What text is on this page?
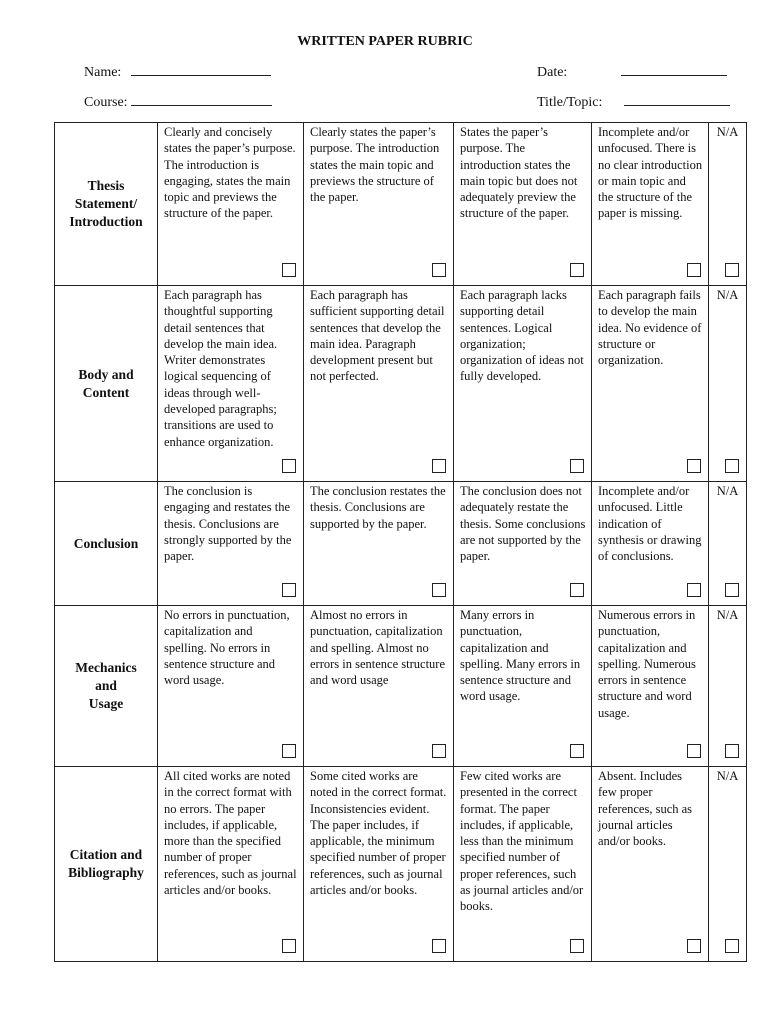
WRITTEN PAPER RUBRIC
Name:	Date:
Course:	Title/Topic:
Thesis
Statement/
Introduction	Clearly and concisely states the paper’s purpose. The introduction is engaging, states the main topic and previews the structure of the paper.	Clearly states the paper’s purpose. The introduction states the main topic and previews the structure of the paper.	States the paper’s purpose. The introduction states the main topic but does not adequately preview the structure of the paper.	Incomplete and/or unfocused. There is no clear introduction or main topic and the structure of the paper is missing.	N/A

Body and
Content	Each paragraph has thoughtful supporting detail sentences that develop the main idea. Writer demonstrates logical sequencing of ideas through well-developed paragraphs; transitions are used to enhance organization.	Each paragraph has sufficient supporting detail sentences that develop the main idea. Paragraph development present but not perfected.	Each paragraph lacks supporting detail sentences. Logical organization; organization of ideas not fully developed.	Each paragraph fails to develop the main idea. No evidence of structure or organization.	N/A

Conclusion	The conclusion is engaging and restates the thesis. Conclusions are strongly supported by the paper.	The conclusion restates the thesis. Conclusions are supported by the paper.	The conclusion does not adequately restate the thesis. Some conclusions are not supported by the paper.	Incomplete and/or unfocused. Little indication of synthesis or drawing of conclusions.	N/A

Mechanics
and
Usage	No errors in punctuation, capitalization and spelling. No errors in sentence structure and word usage.	Almost no errors in punctuation, capitalization and spelling. Almost no errors in sentence structure and word usage	Many errors in punctuation, capitalization and spelling. Many errors in sentence structure and word usage.	Numerous errors in punctuation, capitalization and spelling. Numerous errors in sentence structure and word usage.	N/A

Citation and
Bibliography	All cited works are noted in the correct format with no errors. The paper includes, if applicable, more than the specified number of proper references, such as journal articles and/or books.	Some cited works are noted in the correct format. Inconsistencies evident. The paper includes, if applicable, the minimum specified number of proper references, such as journal articles and/or books.	Few cited works are presented in the correct format. The paper includes, if applicable, less than the minimum specified number of proper references, such as journal articles and/or books.	Absent. Includes few proper references, such as journal articles and/or books.	N/A
